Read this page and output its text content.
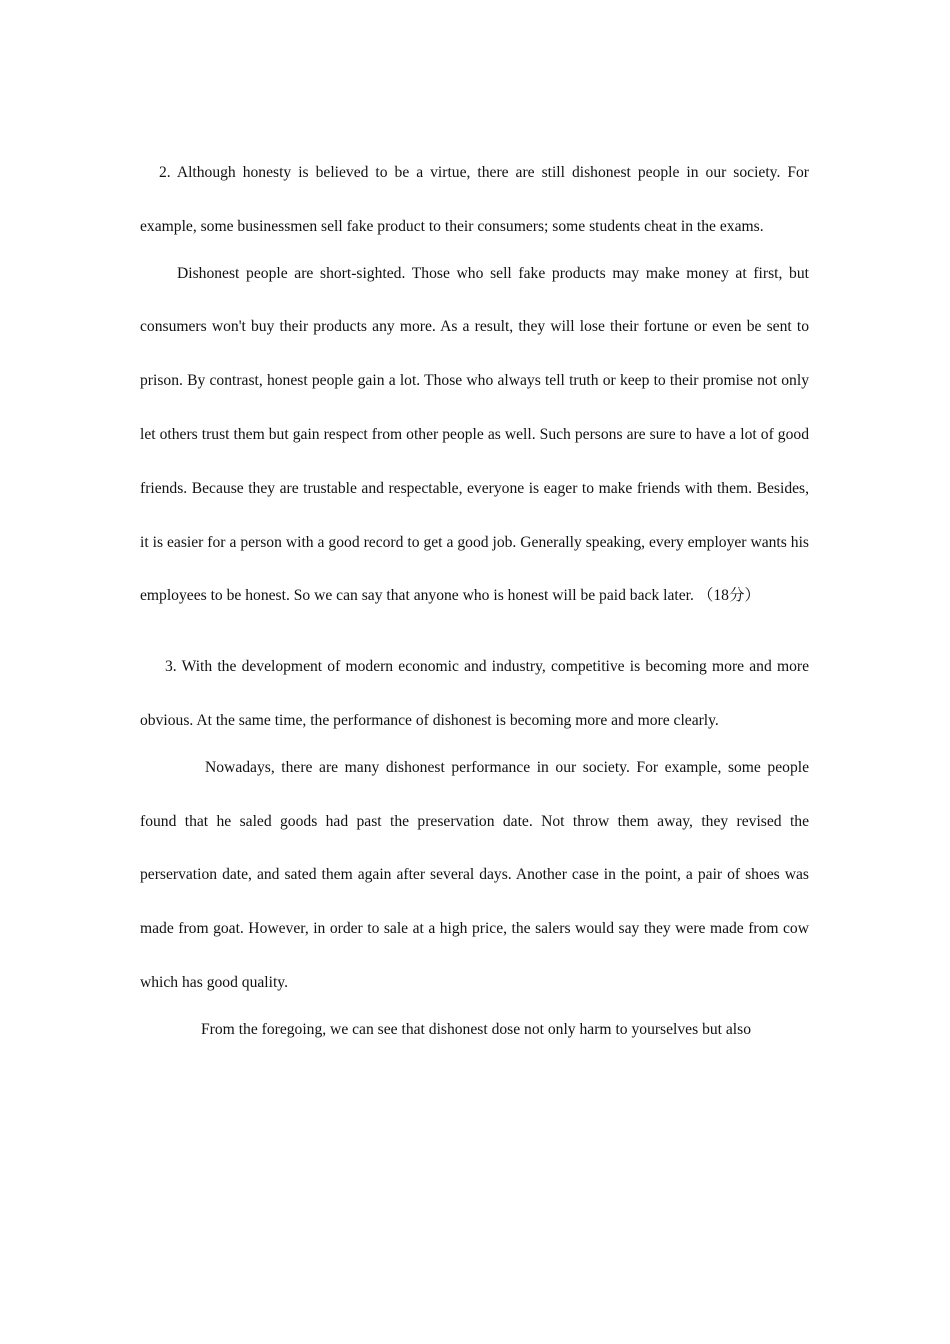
2. Although honesty is believed to be a virtue, there are still dishonest people in our society. For example, some businessmen sell fake product to their consumers; some students cheat in the exams.

Dishonest people are short-sighted. Those who sell fake products may make money at first, but consumers won't buy their products any more. As a result, they will lose their fortune or even be sent to prison. By contrast, honest people gain a lot. Those who always tell truth or keep to their promise not only let others trust them but gain respect from other people as well. Such persons are sure to have a lot of good friends. Because they are trustable and respectable, everyone is eager to make friends with them. Besides, it is easier for a person with a good record to get a good job. Generally speaking, every employer wants his employees to be honest. So we can say that anyone who is honest will be paid back later. （18分）

3. With the development of modern economic and industry, competitive is becoming more and more obvious. At the same time, the performance of dishonest is becoming more and more clearly.

Nowadays, there are many dishonest performance in our society. For example, some people found that he saled goods had past the preservation date. Not throw them away, they revised the perservation date, and sated them again after several days. Another case in the point, a pair of shoes was made from goat. However, in order to sale at a high price, the salers would say they were made from cow which has good quality.

From the foregoing, we can see that dishonest dose not only harm to yourselves but also
